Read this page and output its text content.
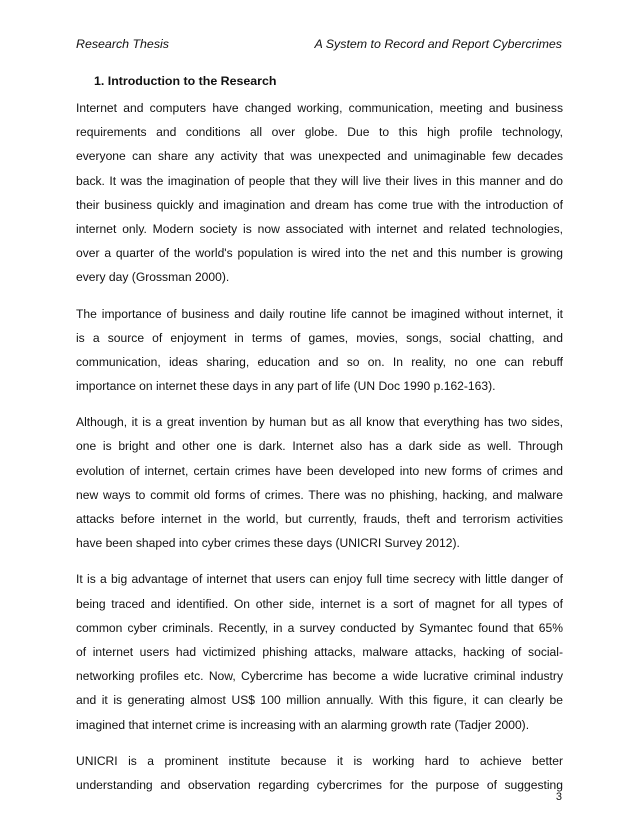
Research Thesis	A System to Record and Report Cybercrimes
1. Introduction to the Research
Internet and computers have changed working, communication, meeting and business
requirements and conditions all over globe. Due to this high profile technology,
everyone can share any activity that was unexpected and unimaginable few decades
back. It was the imagination of people that they will live their lives in this manner and do
their business quickly and imagination and dream has come true with the introduction of
internet only. Modern society is now associated with internet and related technologies,
over a quarter of the world's population is wired into the net and this number is growing
every day (Grossman 2000).
The importance of business and daily routine life cannot be imagined without internet, it
is a source of enjoyment in terms of games, movies, songs, social chatting, and
communication, ideas sharing, education and so on. In reality, no one can rebuff
importance on internet these days in any part of life (UN Doc 1990 p.162-163).
Although, it is a great invention by human but as all know that everything has two sides,
one is bright and other one is dark. Internet also has a dark side as well. Through
evolution of internet, certain crimes have been developed into new forms of crimes and
new ways to commit old forms of crimes. There was no phishing, hacking, and malware
attacks before internet in the world, but currently, frauds, theft and terrorism activities
have been shaped into cyber crimes these days (UNICRI Survey 2012).
It is a big advantage of internet that users can enjoy full time secrecy with little danger of
being traced and identified. On other side, internet is a sort of magnet for all types of
common cyber criminals. Recently, in a survey conducted by Symantec found that 65%
of internet users had victimized phishing attacks, malware attacks, hacking of social-
networking profiles etc. Now, Cybercrime has become a wide lucrative criminal industry
and it is generating almost US$ 100 million annually. With this figure, it can clearly be
imagined that internet crime is increasing with an alarming growth rate (Tadjer 2000).
UNICRI is a prominent institute because it is working hard to achieve better
understanding and observation regarding cybercrimes for the purpose of suggesting
3
